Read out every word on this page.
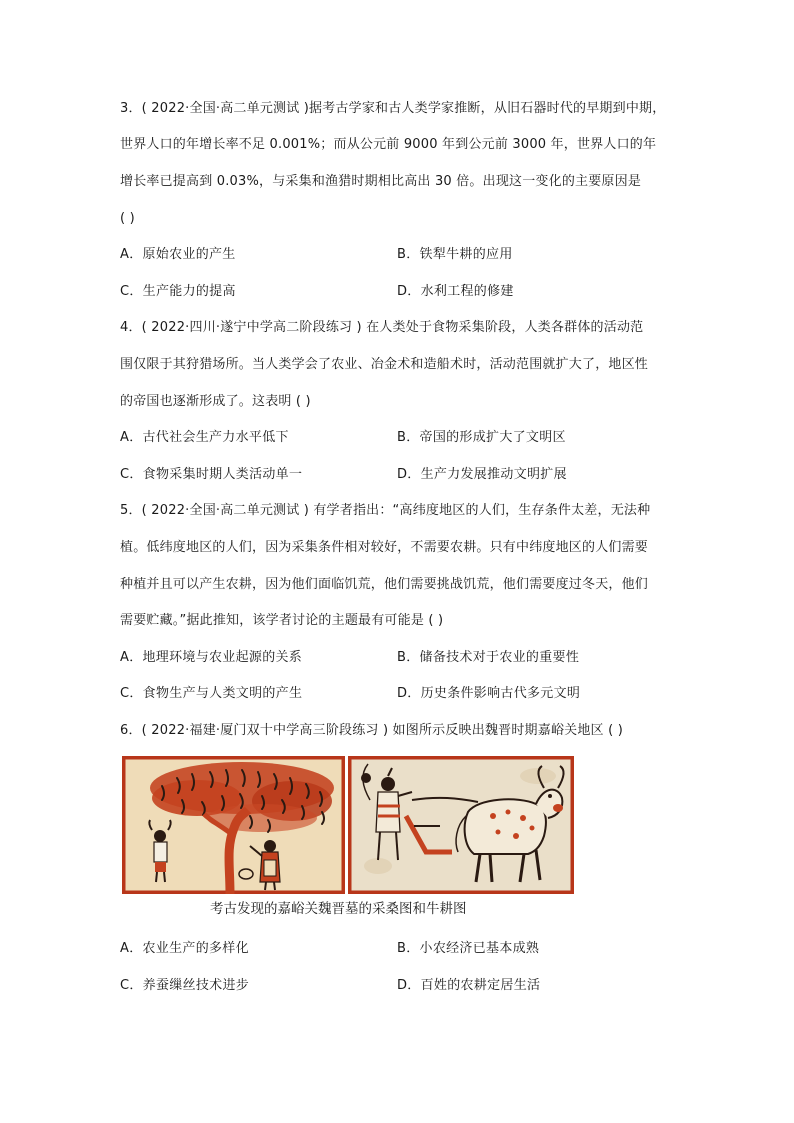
3．( 2022·全国·高二单元测试 )据考古学家和古人类学家推断，从旧石器时代的早期到中期，
世界人口的年增长率不足 0.001%；而从公元前 9000 年到公元前 3000 年，世界人口的年
增长率已提高到 0.03%，与采集和渔猎时期相比高出 30 倍。出现这一变化的主要原因是
( )
A．原始农业的产生	B．铁犁牛耕的应用
C．生产能力的提高	D．水利工程的修建
4．( 2022·四川·遂宁中学高二阶段练习 ) 在人类处于食物采集阶段，人类各群体的活动范
围仅限于其狩猎场所。当人类学会了农业、冶金术和造船术时，活动范围就扩大了，地区性
的帝国也逐渐形成了。这表明 ( )
A．古代社会生产力水平低下	B．帝国的形成扩大了文明区
C．食物采集时期人类活动单一	D．生产力发展推动文明扩展
5．( 2022·全国·高二单元测试 ) 有学者指出：“高纬度地区的人们，生存条件太差，无法种
植。低纬度地区的人们，因为采集条件相对较好，不需要农耕。只有中纬度地区的人们需要
种植并且可以产生农耕，因为他们面临饥荒，他们需要挑战饥荒，他们需要度过冬天，他们
需要贮藏。”据此推知，该学者讨论的主题最有可能是 ( )
A．地理环境与农业起源的关系	B．储备技术对于农业的重要性
C．食物生产与人类文明的产生	D．历史条件影响古代多元文明
6．( 2022·福建·厦门双十中学高三阶段练习 ) 如图所示反映出魏晋时期嘉峪关地区 ( )
考古发现的嘉峪关魏晋墓的采桑图和牛耕图
A．农业生产的多样化	B．小农经济已基本成熟
C．养蚕缫丝技术进步	D．百姓的农耕定居生活
